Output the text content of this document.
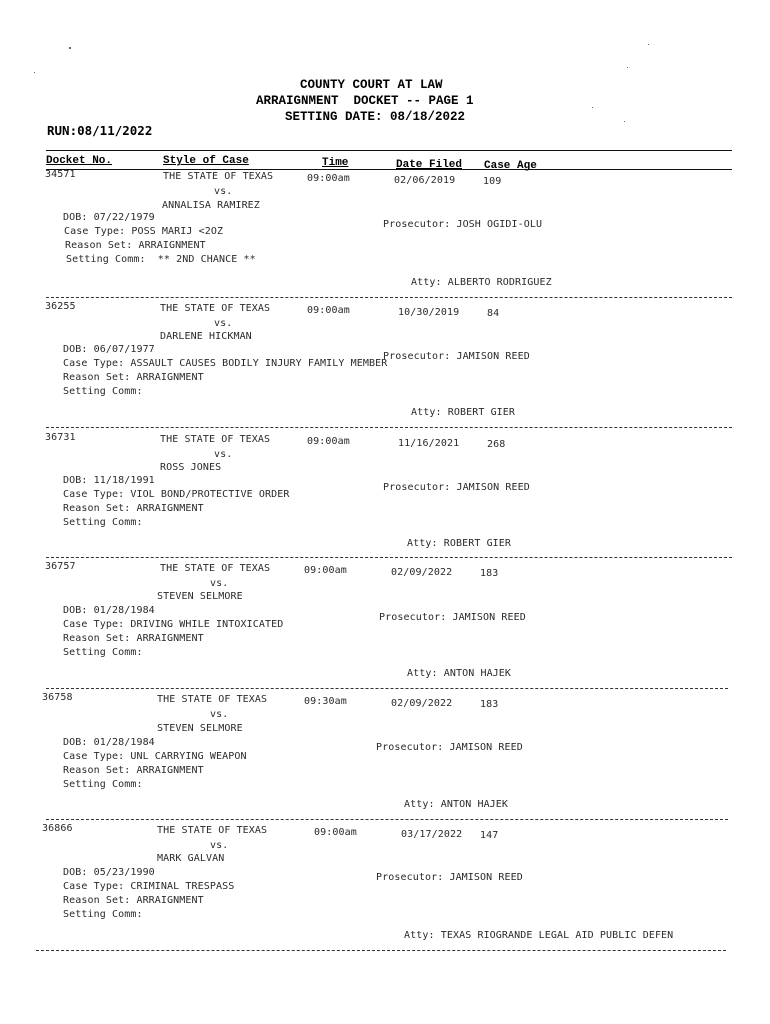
COUNTY COURT AT LAW
ARRAIGNMENT  DOCKET -- PAGE 1
SETTING DATE: 08/18/2022
RUN:08/11/2022
Docket No.	Style of Case	Time	Date Filed Case Age
34571	THE STATE OF TEXAS	09:00am	02/06/2019	109
vs.
ANNALISA RAMIREZ
DOB: 07/22/1979
Prosecutor: JOSH OGIDI-OLU
Case Type: POSS MARIJ <2OZ
Reason Set: ARRAIGNMENT
Setting Comm:  ** 2ND CHANCE **
Atty: ALBERTO RODRIGUEZ
36255	THE STATE OF TEXAS	09:00am	10/30/2019	84
vs.
DARLENE HICKMAN
DOB: 06/07/1977
Prosecutor: JAMISON REED
Case Type: ASSAULT CAUSES BODILY INJURY FAMILY MEMBER
Reason Set: ARRAIGNMENT
Setting Comm:
Atty: ROBERT GIER
36731	THE STATE OF TEXAS	09:00am	11/16/2021	268
vs.
ROSS JONES
DOB: 11/18/1991
Prosecutor: JAMISON REED
Case Type: VIOL BOND/PROTECTIVE ORDER
Reason Set: ARRAIGNMENT
Setting Comm:
Atty: ROBERT GIER
36757	THE STATE OF TEXAS	09:00am	02/09/2022	183
vs.
STEVEN SELMORE
DOB: 01/28/1984
Prosecutor: JAMISON REED
Case Type: DRIVING WHILE INTOXICATED
Reason Set: ARRAIGNMENT
Setting Comm:
Atty: ANTON HAJEK
36758	THE STATE OF TEXAS	09:30am	02/09/2022	183
vs.
STEVEN SELMORE
DOB: 01/28/1984	Prosecutor: JAMISON REED
Case Type: UNL CARRYING WEAPON
Reason Set: ARRAIGNMENT
Setting Comm:
Atty: ANTON HAJEK
36866	THE STATE OF TEXAS	09:00am	03/17/2022 147
vs.
MARK GALVAN
DOB: 05/23/1990	Prosecutor: JAMISON REED
Case Type: CRIMINAL TRESPASS
Reason Set: ARRAIGNMENT
Setting Comm:
Atty: TEXAS RIOGRANDE LEGAL AID PUBLIC DEFEN
